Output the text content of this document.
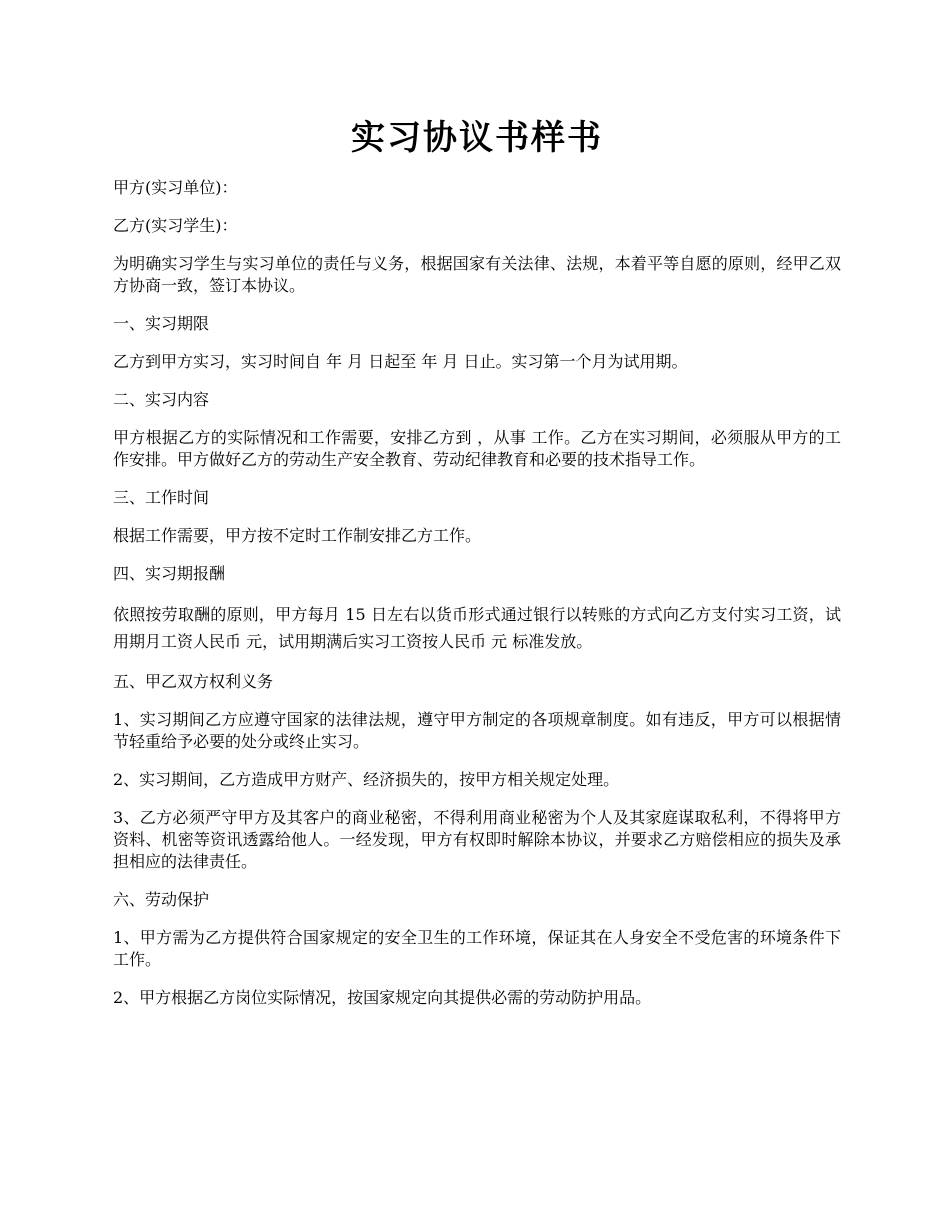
实习协议书样书

甲方(实习单位)：

乙方(实习学生)：

为明确实习学生与实习单位的责任与义务，根据国家有关法律、法规，本着平等自愿的原则，经甲乙双方协商一致，签订本协议。

一、实习期限

乙方到甲方实习，实习时间自 年 月 日起至 年 月 日止。实习第一个月为试用期。

二、实习内容

甲方根据乙方的实际情况和工作需要，安排乙方到 ，从事 工作。乙方在实习期间，必须服从甲方的工作安排。甲方做好乙方的劳动生产安全教育、劳动纪律教育和必要的技术指导工作。

三、工作时间

根据工作需要，甲方按不定时工作制安排乙方工作。

四、实习期报酬

依照按劳取酬的原则，甲方每月 15 日左右以货币形式通过银行以转账的方式向乙方支付实习工资，试用期月工资人民币 元，试用期满后实习工资按人民币 元 标准发放。

五、甲乙双方权利义务

1、实习期间乙方应遵守国家的法律法规，遵守甲方制定的各项规章制度。如有违反，甲方可以根据情节轻重给予必要的处分或终止实习。

2、实习期间，乙方造成甲方财产、经济损失的，按甲方相关规定处理。

3、乙方必须严守甲方及其客户的商业秘密，不得利用商业秘密为个人及其家庭谋取私利，不得将甲方资料、机密等资讯透露给他人。一经发现，甲方有权即时解除本协议，并要求乙方赔偿相应的损失及承担相应的法律责任。

六、劳动保护

1、甲方需为乙方提供符合国家规定的安全卫生的工作环境，保证其在人身安全不受危害的环境条件下工作。

2、甲方根据乙方岗位实际情况，按国家规定向其提供必需的劳动防护用品。
